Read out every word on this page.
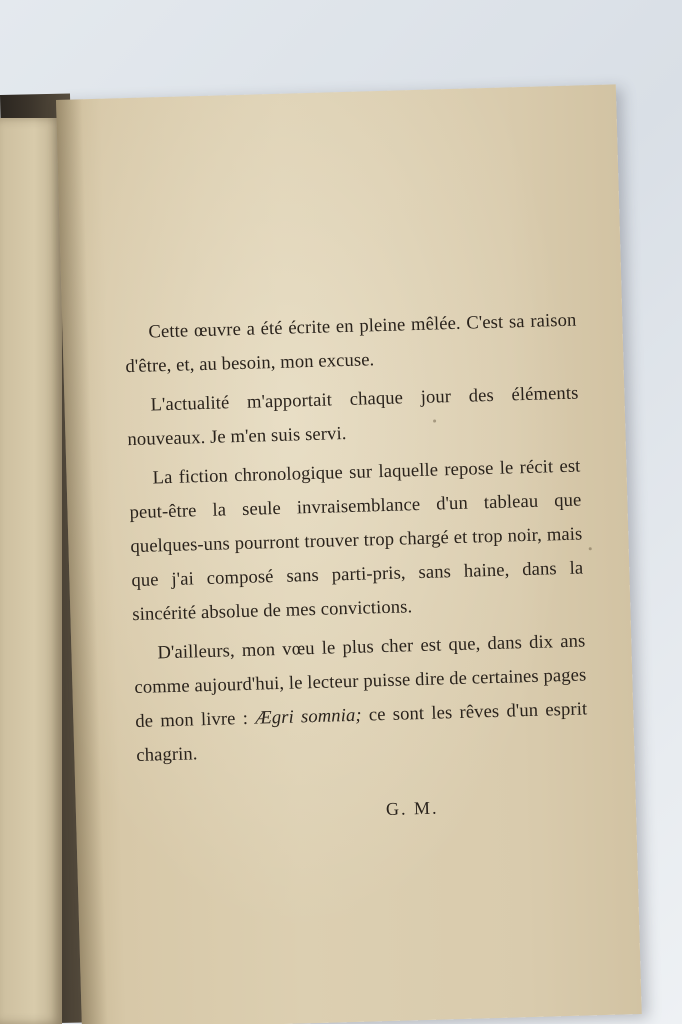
Cette œuvre a été écrite en pleine mêlée. C'est sa raison d'être, et, au besoin, mon excuse.

L'actualité m'apportait chaque jour des éléments nouveaux. Je m'en suis servi.

La fiction chronologique sur laquelle repose le récit est peut-être la seule invraisemblance d'un tableau que quelques-uns pourront trouver trop chargé et trop noir, mais que j'ai composé sans parti-pris, sans haine, dans la sincérité absolue de mes convictions.

D'ailleurs, mon vœu le plus cher est que, dans dix ans comme aujourd'hui, le lecteur puisse dire de certaines pages de mon livre : Ægri somnia; ce sont les rêves d'un esprit chagrin.

G. M.
